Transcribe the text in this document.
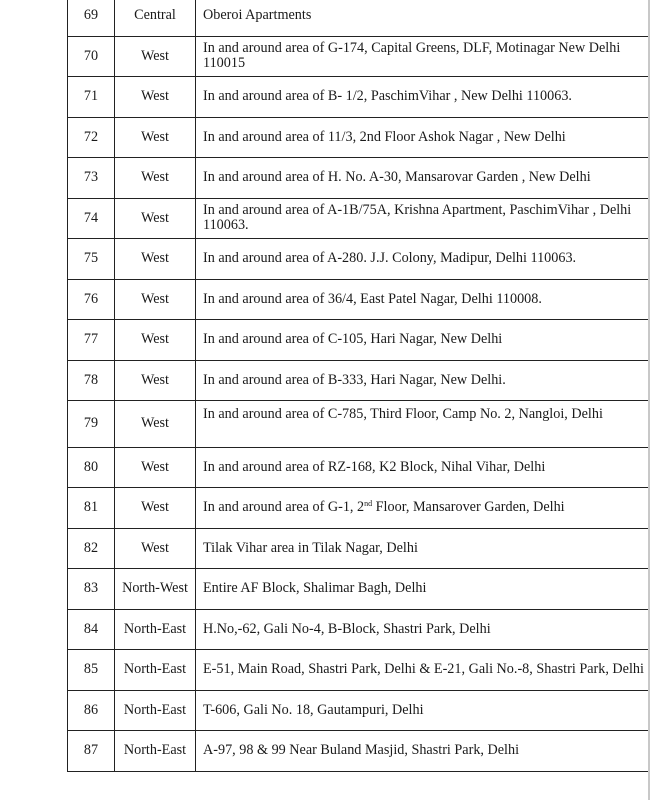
69	Central	Oberoi Apartments
70	West	In and around area of G-174, Capital Greens, DLF, Motinagar New Delhi 110015
71	West	In and around area of B- 1/2, PaschimVihar , New Delhi 110063.
72	West	In and around area of 11/3, 2nd Floor Ashok Nagar , New Delhi
73	West	In and around area of H. No. A-30, Mansarovar Garden , New Delhi
74	West	In and around area of A-1B/75A, Krishna Apartment, PaschimVihar , Delhi 110063.
75	West	In and around area of A-280. J.J. Colony, Madipur, Delhi 110063.
76	West	In and around area of 36/4, East Patel Nagar, Delhi 110008.
77	West	In and around area of C-105, Hari Nagar, New Delhi
78	West	In and around area of B-333, Hari Nagar, New Delhi.
79	West	In and around area of C-785, Third Floor, Camp No. 2, Nangloi, Delhi
80	West	In and around area of RZ-168, K2 Block, Nihal Vihar, Delhi
81	West	In and around area of G-1, 2nd Floor, Mansarover Garden, Delhi
82	West	Tilak Vihar area in Tilak Nagar, Delhi
83	North-West	Entire AF Block, Shalimar Bagh, Delhi
84	North-East	H.No,-62, Gali No-4, B-Block, Shastri Park, Delhi
85	North-East	E-51, Main Road, Shastri Park, Delhi & E-21, Gali No.-8, Shastri Park, Delhi
86	North-East	T-606, Gali No. 18, Gautampuri, Delhi
87	North-East	A-97, 98 & 99 Near Buland Masjid, Shastri Park, Delhi
